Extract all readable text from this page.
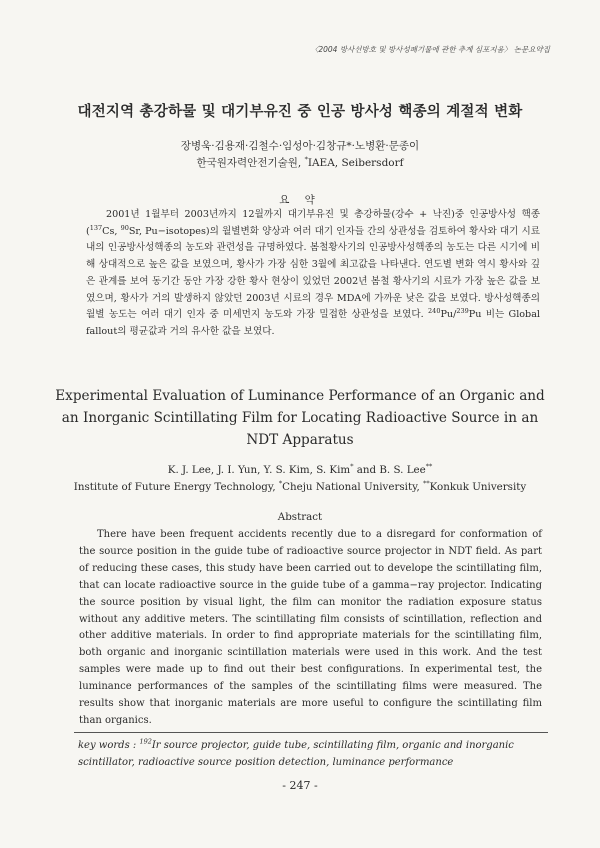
〈2004 방사선방호 및 방사성폐기물에 관한 추계 심포지움〉 논문요약집
대전지역 총강하물 및 대기부유진 중 인공 방사성 핵종의 계절적 변화
장병욱·김용재·김철수·임성아·김창규*·노병환·문종이
한국원자력안전기술원, *IAEA, Seibersdorf
요 약
2001년 1월부터 2003년까지 12월까지 대기부유진 및 총강하물(강수 + 낙진)중 인공방사성 핵종($^{137}$Cs, $^{90}$Sr, Pu−isotopes)의 월별변화 양상과 여러 대기 인자들 간의 상관성을 검토하여 황사와 대기 시료내의 인공방사성핵종의 농도와 관련성을 규명하였다. 봄철황사기의 인공방사성핵종의 농도는 다른 시기에 비해 상대적으로 높은 값을 보였으며, 황사가 가장 심한 3월에 최고값을 나타낸다. 연도별 변화 역시 황사와 깊은 관계를 보여 동기간 동안 가장 강한 황사 현상이 있었던 2002년 봄철 황사기의 시료가 가장 높은 값을 보였으며, 황사가 거의 발생하지 않았던 2003년 시료의 경우 MDA에 가까운 낮은 값을 보였다. 방사성핵종의 월별 농도는 여러 대기 인자 중 미세먼지 농도와 가장 밀접한 상관성을 보였다. $^{240}$Pu/$^{239}$Pu 비는 Global fallout의 평균값과 거의 유사한 값을 보였다.
Experimental Evaluation of Luminance Performance of an Organic and an Inorganic Scintillating Film for Locating Radioactive Source in an NDT Apparatus
K. J. Lee, J. I. Yun, Y. S. Kim, S. Kim* and B. S. Lee**
Institute of Future Energy Technology, *Cheju National University, **Konkuk University
Abstract
There have been frequent accidents recently due to a disregard for conformation of the source position in the guide tube of radioactive source projector in NDT field. As part of reducing these cases, this study have been carried out to develope the scintillating film, that can locate radioactive source in the guide tube of a gamma−ray projector. Indicating the source position by visual light, the film can monitor the radiation exposure status without any additive meters. The scintillating film consists of scintillation, reflection and other additive materials. In order to find appropriate materials for the scintillating film, both organic and inorganic scintillation materials were used in this work. And the test samples were made up to find out their best configurations. In experimental test, the luminance performances of the samples of the scintillating films were measured. The results show that inorganic materials are more useful to configure the scintillating film than organics.
key words : $^{192}$Ir source projector, guide tube, scintillating film, organic and inorganic scintillator, radioactive source position detection, luminance performance
- 247 -
